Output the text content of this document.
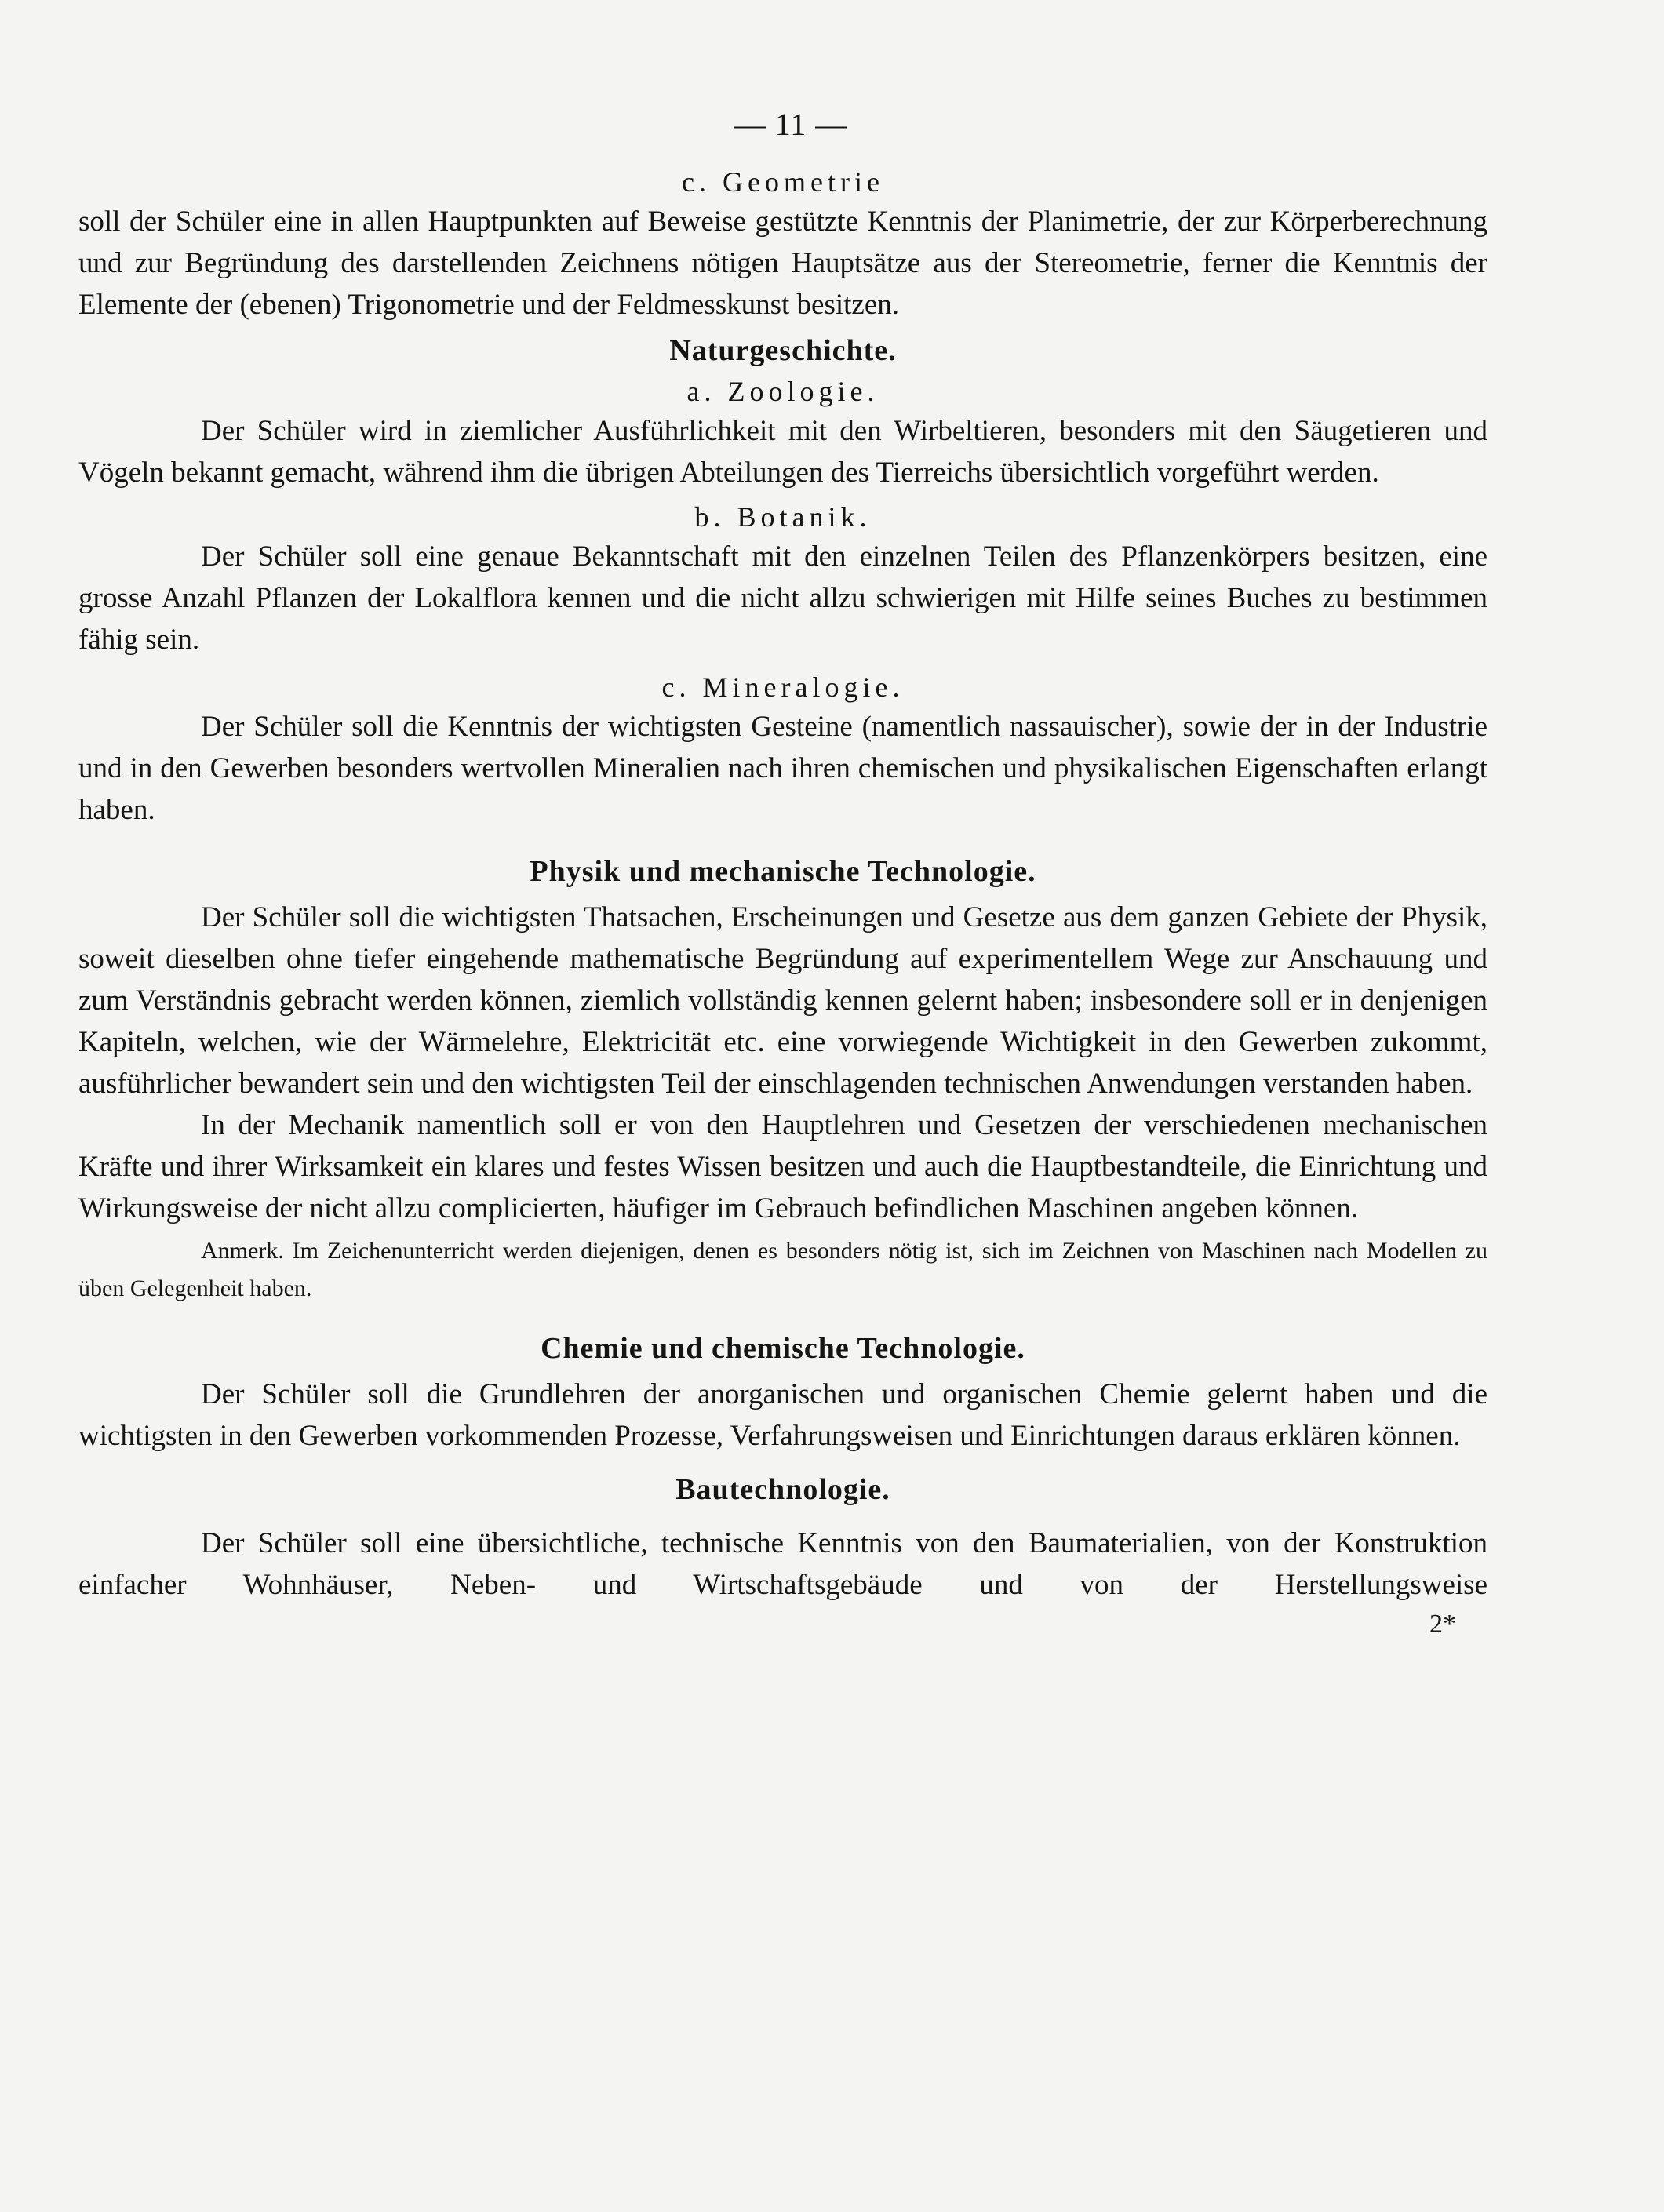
— 11 —
c. Geometrie

soll der Schüler eine in allen Hauptpunkten auf Beweise gestützte Kenntnis der Planimetrie, der zur Körperberechnung und zur Begründung des darstellenden Zeichnens nötigen Hauptsätze aus der Stereometrie, ferner die Kenntnis der Elemente der (ebenen) Trigonometrie und der Feldmesskunst besitzen.

Naturgeschichte.
a. Zoologie.

Der Schüler wird in ziemlicher Ausführlichkeit mit den Wirbeltieren, besonders mit den Säugetieren und Vögeln bekannt gemacht, während ihm die übrigen Abteilungen des Tierreichs übersichtlich vorgeführt werden.

b. Botanik.

Der Schüler soll eine genaue Bekanntschaft mit den einzelnen Teilen des Pflanzenkörpers besitzen, eine grosse Anzahl Pflanzen der Lokalflora kennen und die nicht allzu schwierigen mit Hilfe seines Buches zu bestimmen fähig sein.

c. Mineralogie.

Der Schüler soll die Kenntnis der wichtigsten Gesteine (namentlich nassauischer), sowie der in der Industrie und in den Gewerben besonders wertvollen Mineralien nach ihren chemischen und physikalischen Eigenschaften erlangt haben.

Physik und mechanische Technologie.

Der Schüler soll die wichtigsten Thatsachen, Erscheinungen und Gesetze aus dem ganzen Gebiete der Physik, soweit dieselben ohne tiefer eingehende mathematische Begründung auf experimentellem Wege zur Anschauung und zum Verständnis gebracht werden können, ziemlich vollständig kennen gelernt haben; insbesondere soll er in denjenigen Kapiteln, welchen, wie der Wärmelehre, Elektricität etc. eine vorwiegende Wichtigkeit in den Gewerben zukommt, ausführlicher bewandert sein und den wichtigsten Teil der einschlagenden technischen Anwendungen verstanden haben.

In der Mechanik namentlich soll er von den Hauptlehren und Gesetzen der verschiedenen mechanischen Kräfte und ihrer Wirksamkeit ein klares und festes Wissen besitzen und auch die Hauptbestandteile, die Einrichtung und Wirkungsweise der nicht allzu complicierten, häufiger im Gebrauch befindlichen Maschinen angeben können.

Anmerk. Im Zeichenunterricht werden diejenigen, denen es besonders nötig ist, sich im Zeichnen von Maschinen nach Modellen zu üben Gelegenheit haben.

Chemie und chemische Technologie.

Der Schüler soll die Grundlehren der anorganischen und organischen Chemie gelernt haben und die wichtigsten in den Gewerben vorkommenden Prozesse, Verfahrungsweisen und Einrichtungen daraus erklären können.

Bautechnologie.

Der Schüler soll eine übersichtliche, technische Kenntnis von den Baumaterialien, von der Konstruktion einfacher Wohnhäuser, Neben- und Wirtschaftsgebäude und von der Herstellungsweise

2*
